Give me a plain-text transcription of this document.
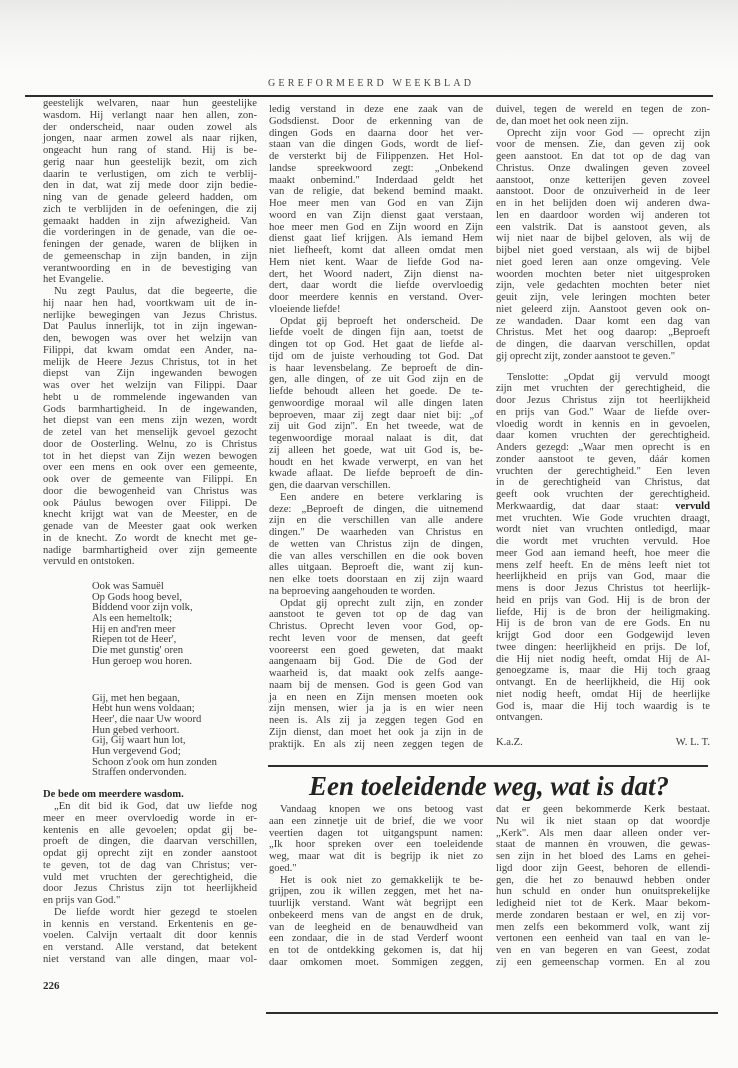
GEREFORMEERD WEEKBLAD
geestelijk welvaren, naar hun geestelijke
wasdom. Hij verlangt naar hen allen, zon-
der onderscheid, naar ouden zowel als
jongen, naar armen zowel als naar rijken,
ongeacht hun rang of stand. Hij is be-
gerig naar hun geestelijk bezit, om zich
daarin te verlustigen, om zich te verblij-
den in dat, wat zij mede door zijn bedie-
ning van de genade geleerd hadden, om
zich te verblijden in de oefeningen, die zij
gemaakt hadden in zijn afwezigheid. Van
die vorderingen in de genade, van die oe-
feningen der genade, waren de blijken in
de gemeenschap in zijn banden, in zijn
verantwoording en in de bevestiging van
het Evangelie.
Nu zegt Paulus, dat die begeerte, die
hij naar hen had, voortkwam uit de in-
nerlijke bewegingen van Jezus Christus.
Dat Paulus innerlijk, tot in zijn ingewan-
den, bewogen was over het welzijn van
Filippi, dat kwam omdat een Ander, na-
melijk de Heere Jezus Christus, tot in het
diepst van Zijn ingewanden bewogen
was over het welzijn van Filippi. Daar
hebt u de rommelende ingewanden van
Gods barmhartigheid. In de ingewanden,
het diepst van een mens zijn wezen, wordt
de zetel van het menselijk gevoel gezocht
door de Oosterling. Welnu, zo is Christus
tot in het diepst van Zijn wezen bewogen
over een mens en ook over een gemeente,
ook over de gemeente van Filippi. En
door die bewogenheid van Christus was
ook Páulus bewogen over Filippi. De
knecht krijgt wat van de Meester, en de
genade van de Meester gaat ook werken
in de knecht. Zo wordt de knecht met ge-
nadige barmhartigheid over zijn gemeente
vervuld en ontstoken.
Ook was Samuël
Op Gods hoog bevel,
Biddend voor zijn volk,
Als een hemeltolk;
Hij en and'ren meer
Riepen tot de Heer',
Die met gunstig' oren
Hun geroep wou horen.
Gij, met hen begaan,
Hebt hun wens voldaan;
Heer', die naar Uw woord
Hun gebed verhoort.
Gij, Gij waart hun lot,
Hun vergevend God;
Schoon z'ook om hun zonden
Straffen ondervonden.
De bede om meerdere wasdom.
„En dit bid ik God, dat uw liefde nog
meer en meer overvloedig worde in er-
kentenis en alle gevoelen; opdat gij be-
proeft de dingen, die daarvan verschillen,
opdat gij oprecht zijt en zonder aanstoot
te geven, tot de dag van Christus; ver-
vuld met vruchten der gerechtigheid, die
door Jezus Christus zijn tot heerlijkheid
en prijs van God."
De liefde wordt hier gezegd te stoelen
in kennis en verstand. Erkentenis en ge-
voelen. Calvijn vertaalt dit door kennis
en verstand. Alle verstand, dat betekent
niet verstand van alle dingen, maar vol-
ledig verstand in deze ene zaak van de
Godsdienst. Door de erkenning van de
dingen Gods en daarna door het ver-
staan van die dingen Gods, wordt de lief-
de versterkt bij de Filippenzen. Het Hol-
landse spreekwoord zegt: „Onbekend
maakt onbemind." Inderdaad geldt het
van de religie, dat bekend bemind maakt.
Hoe meer men van God en van Zijn
woord en van Zijn dienst gaat verstaan,
hoe meer men God en Zijn woord en Zijn
dienst gaat lief krijgen. Als iemand Hem
niet liefheeft, komt dat alleen omdat men
Hem niet kent. Waar de liefde God na-
dert, het Woord nadert, Zijn dienst na-
dert, daar wordt die liefde overvloedig
door meerdere kennis en verstand. Over-
vloeiende liefde!
Opdat gij beproeft het onderscheid. De
liefde voelt de dingen fijn aan, toetst de
dingen tot op God. Het gaat de liefde al-
tijd om de juiste verhouding tot God. Dat
is haar levensbelang. Ze beproeft de din-
gen, alle dingen, of ze uit God zijn en de
liefde behoudt alleen het goede. De te-
genwoordige moraal wil alle dingen laten
beproeven, maar zij zegt daar niet bij: „of
zij uit God zijn". En het tweede, wat de
tegenwoordige moraal nalaat is dit, dat
zij alleen het goede, wat uit God is, be-
houdt en het kwade verwerpt, en van het
kwade aflaat. De liefde beproeft de din-
gen, die daarvan verschillen.
Een andere en betere verklaring is
deze: „Beproeft de dingen, die uitnemend
zijn en die verschillen van alle andere
dingen." De waarheden van Christus en
de wetten van Christus zijn de dingen,
die van alles verschillen en die ook boven
alles uitgaan. Beproeft die, want zij kun-
nen elke toets doorstaan en zij zijn waard
na beproeving aangehouden te worden.
Opdat gij oprecht zult zijn, en zonder
aanstoot te geven tot op de dag van
Christus. Oprecht leven voor God, op-
recht leven voor de mensen, dat geeft
vooreerst een goed geweten, dat maakt
aangenaam bij God. Die de God der
waarheid is, dat maakt ook zelfs aange-
naam bij de mensen. God is geen God van
ja en neen en Zijn mensen moeten ook
zijn mensen, wier ja ja is en wier neen
neen is. Als zij ja zeggen tegen God en
Zijn dienst, dan moet het ook ja zijn in de
praktijk. En als zij neen zeggen tegen de
duivel, tegen de wereld en tegen de zon-
de, dan moet het ook neen zijn.
Oprecht zijn voor God — oprecht zijn
voor de mensen. Zie, dan geven zij ook
geen aanstoot. En dat tot op de dag van
Christus. Onze dwalingen geven zoveel
aanstoot, onze ketterijen geven zoveel
aanstoot. Door de onzuiverheid in de leer
en in het belijden doen wij anderen dwa-
len en daardoor worden wij anderen tot
een valstrik. Dat is aanstoot geven, als
wij niet naar de bijbel geloven, als wij de
bijbel niet goed verstaan, als wij de bijbel
niet goed leren aan onze omgeving. Vele
woorden mochten beter niet uitgesproken
zijn, vele gedachten mochten beter niet
geuit zijn, vele leringen mochten beter
niet geleerd zijn. Aanstoot geven ook on-
ze wandaden. Daar komt een dag van
Christus. Met het oog daarop: „Beproeft
de dingen, die daarvan verschillen, opdat
gij oprecht zijt, zonder aanstoot te geven."
Tenslotte: „Opdat gij vervuld moogt
zijn met vruchten der gerechtigheid, die
door Jezus Christus zijn tot heerlijkheid
en prijs van God." Waar de liefde over-
vloedig wordt in kennis en in gevoelen,
daar komen vruchten der gerechtigheid.
Anders gezegd: „Waar men oprecht is en
zonder aanstoot te geven, dáár komen
vruchten der gerechtigheid." Een leven
in de gerechtigheid van Christus, dat
geeft ook vruchten der gerechtigheid.
Merkwaardig, dat daar staat: vervuld
met vruchten. Wie Gode vruchten draagt,
wordt niet van vruchten ontledigd, maar
die wordt met vruchten vervuld. Hoe
meer God aan iemand heeft, hoe meer die
mens zelf heeft. En de mèns leeft niet tot
heerlijkheid en prijs van God, maar die
mens is door Jezus Christus tot heerlijk-
heid en prijs van God. Hij is de bron der
liefde, Hij is de bron der heiligmaking.
Hij is de bron van de ere Gods. En nu
krijgt God door een Godgewijd leven
twee dingen: heerlijkheid en prijs. De lof,
die Hij niet nodig heeft, omdat Hij de Al-
genoegzame is, maar die Hij toch graag
ontvangt. En de heerlijkheid, die Hij ook
niet nodig heeft, omdat Hij de heerlijke
God is, maar die Hij toch waardig is te
ontvangen.
K.a.Z.	W. L. T.
Een toeleidende weg, wat is dat?
Vandaag knopen we ons betoog vast
aan een zinnetje uit de brief, die we voor
veertien dagen tot uitgangspunt namen:
„Ik hoor spreken over een toeleidende
weg, maar wat dit is begrijp ik niet zo
goed."
Het is ook niet zo gemakkelijk te be-
grijpen, zou ik willen zeggen, met het na-
tuurlijk verstand. Want wàt begrijpt een
onbekeerd mens van de angst en de druk,
van de leegheid en de benauwdheid van
een zondaar, die in de stad Verderf woont
en tot de ontdekking gekomen is, dat hij
daar omkomen moet. Sommigen zeggen,
dat er geen bekommerde Kerk bestaat.
Nu wil ik niet staan op dat woordje
„Kerk". Als men daar alleen onder ver-
staat de mannen èn vrouwen, die gewas-
sen zijn in het bloed des Lams en gehei-
ligd door zijn Geest, behoren de ellendi-
gen, die het zo benauwd hebben onder
hun schuld en onder hun onuitsprekelijke
ledigheid niet tot de Kerk. Maar bekom-
merde zondaren bestaan er wel, en zij vor-
men zelfs een bekommerd volk, want zij
vertonen een eenheid van taal en van le-
ven en van begeren en van Geest, zodat
zij een gemeenschap vormen. En al zou
226
